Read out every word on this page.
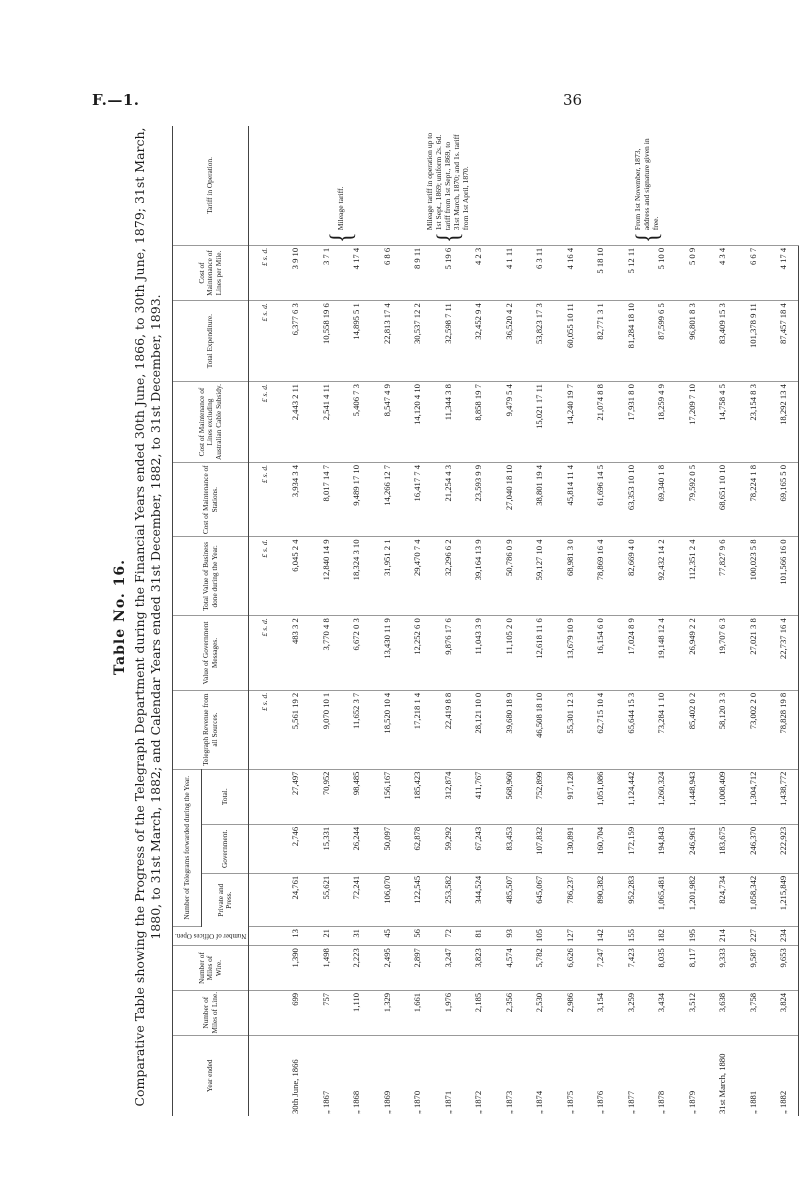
F.—1.	36
Table No. 16. Comparative Table showing the Progress of the Telegraph Department during the Financial Years ended 30th June, 1866, to 30th June, 1879; 31st March, 1880, to 31st March, 1882; and Calendar Years ended 31st December, 1882, to 31st December, 1893.
Year ended	Number of Miles of Line.	Number of Miles of Wire.	Number of Offices Open.	Number of Telegrams forwarded during the Year.			Telegraph Revenue from all Sources.	Value of Government Messages.	Total Value of Business done during the Year.	Cost of Maintenance of Stations.	Cost of Maintenance of Lines excluding Australian Cable Subsidy.	Total Expenditure.	Cost of Maintenance of Lines per Mile.	Tariff in Operation.
				Private and Press.	Government.	Total.								
							£ s. d.	£ s. d.	£ s. d.	£ s. d.	£ s. d.	£ s. d.	£ s. d.	
30th June, 1866	699	1,390	13	24,761	2,746	27,497	5,561 19 2	483 3 2	6,045 2 4	3,934 3 4	2,443 2 11	6,377 6 3	3 9 10	{
Mileage tariff.

„ 1867	757	1,498	21	55,621	15,331	70,952	9,070 10 1	3,770 4 8	12,840 14 9	8,017 14 7	2,541 4 11	10,558 19 6	3 7 1	
„ 1868	1,110	2,223	31	72,241	26,244	98,485	11,652 3 7	6,672 0 3	18,324 3 10	9,489 17 10	5,406 7 3	14,895 5 1	4 17 4	
„ 1869	1,329	2,495	45	106,070	50,097	156,167	18,520 10 4	13,430 11 9	31,951 2 1	14,266 12 7	8,547 4 9	22,813 17 4	6 8 6	
„ 1870	1,661	2,897	56	122,545	62,878	185,423	17,218 1 4	12,252 6 0	29,470 7 4	16,417 7 4	14,120 4 10	30,537 12 2	8 9 11	{
Mileage tariff in operation up to 1st Sept., 1869; uniform 2s. 6d. tariff from 1st Sept., 1869, to 31st March, 1870; and 1s. tariff from 1st April, 1870.

„ 1871	1,976	3,247	72	253,582	59,292	312,874	22,419 8 8	9,876 17 6	32,296 6 2	21,254 4 3	11,344 3 8	32,598 7 11	5 19 6	
„ 1872	2,185	3,823	81	344,524	67,243	411,767	28,121 10 0	11,043 3 9	39,164 13 9	23,593 9 9	8,858 19 7	32,452 9 4	4 2 3	
„ 1873	2,356	4,574	93	485,507	83,453	568,960	39,680 18 9	11,105 2 0	50,786 0 9	27,040 18 10	9,479 5 4	36,520 4 2	4 1 11	{
From 1st November, 1873, address and signature given in free.

„ 1874	2,530	5,782	105	645,067	107,832	752,899	46,508 18 10	12,618 11 6	59,127 10 4	38,801 19 4	15,021 17 11	53,823 17 3	6 3 11	
„ 1875	2,986	6,626	127	786,237	130,891	917,128	55,301 12 3	13,679 10 9	68,981 3 0	45,814 11 4	14,240 19 7	60,055 10 11	4 16 4	
„ 1876	3,154	7,247	142	890,382	160,704	1,051,086	62,715 10 4	16,154 6 0	78,869 16 4	61,696 14 5	21,074 8 8	82,771 3 1	5 18 10	
„ 1877	3,259	7,423	155	952,283	172,159	1,124,442	65,644 15 3	17,024 8 9	82,669 4 0	63,353 10 10	17,931 8 0	81,284 18 10	5 12 11	
„ 1878	3,434	8,035	182	1,065,481	194,843	1,260,324	73,284 1 10	19,148 12 4	92,432 14 2	69,340 1 8	18,259 4 9	87,599 6 5	5 10 0	
„ 1879	3,512	8,117	195	1,201,982	246,961	1,448,943	85,402 0 2	26,949 2 2	112,351 2 4	79,592 0 5	17,209 7 10	96,801 8 3	5 0 9	
31st March, 1880	3,638	9,333	214	824,734	183,675	1,008,409	58,120 3 3	19,707 6 3	77,827 9 6	68,651 10 10	14,758 4 5	83,409 15 3	4 3 4	
„ 1881	3,758	9,587	227	1,058,342	246,370	1,304,712	73,002 2 0	27,021 3 8	100,023 5 8	78,224 1 8	23,154 8 3	101,378 9 11	6 6 7	
„ 1882	3,824	9,653	234	1,215,849	222,923	1,438,772	78,828 19 8	22,737 16 4	101,566 16 0	69,165 5 0	18,292 13 4	87,457 18 4	4 17 4	
